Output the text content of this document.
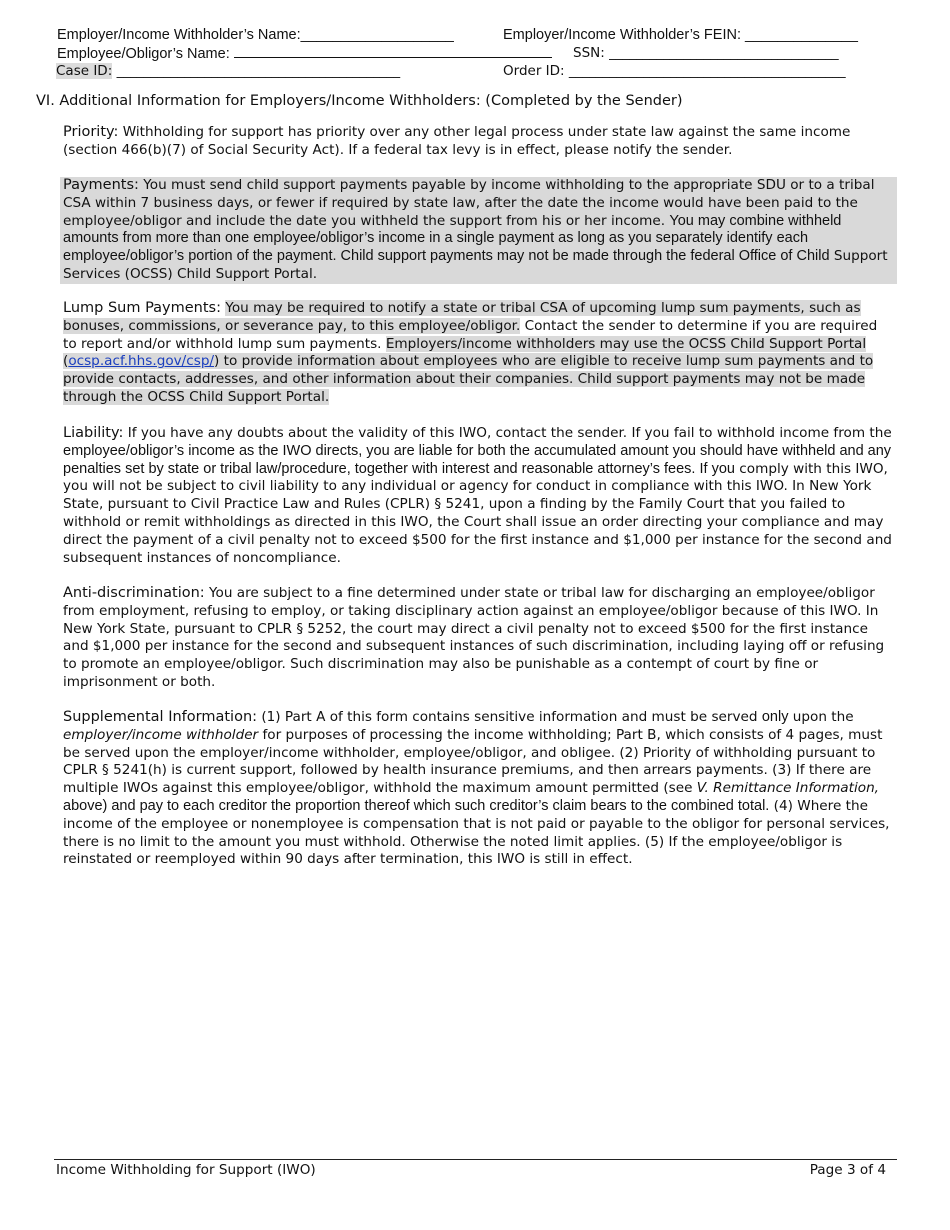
Employer/Income Withholder’s Name:___________________	Employer/Income Withholder’s FEIN: ______________
Employee/Obligor’s Name:	SSN: __________________________________
Case ID: __________________________________________	Order ID: _________________________________________
VI. Additional Information for Employers/Income Withholders: (Completed by the Sender)
Priority: Withholding for support has priority over any other legal process under state law against the same income (section 466(b)(7) of Social Security Act). If a federal tax levy is in effect, please notify the sender.
Payments: You must send child support payments payable by income withholding to the appropriate SDU or to a tribal CSA within 7 business days, or fewer if required by state law, after the date the income would have been paid to the employee/obligor and include the date you withheld the support from his or her income. You may combine withheld amounts from more than one employee/obligor’s income in a single payment as long as you separately identify each employee/obligor’s portion of the payment. Child support payments may not be made through the federal Office of Child Support Services (OCSS) Child Support Portal.
Lump Sum Payments: You may be required to notify a state or tribal CSA of upcoming lump sum payments, such as bonuses, commissions, or severance pay, to this employee/obligor. Contact the sender to determine if you are required to report and/or withhold lump sum payments. Employers/income withholders may use the OCSS Child Support Portal (ocsp.acf.hhs.gov/csp/) to provide information about employees who are eligible to receive lump sum payments and to provide contacts, addresses, and other information about their companies. Child support payments may not be made through the OCSS Child Support Portal.
Liability: If you have any doubts about the validity of this IWO, contact the sender. If you fail to withhold income from the employee/obligor’s income as the IWO directs, you are liable for both the accumulated amount you should have withheld and any penalties set by state or tribal law/procedure, together with interest and reasonable attorney’s fees. If you comply with this IWO, you will not be subject to civil liability to any individual or agency for conduct in compliance with this IWO. In New York State, pursuant to Civil Practice Law and Rules (CPLR) § 5241, upon a finding by the Family Court that you failed to withhold or remit withholdings as directed in this IWO, the Court shall issue an order directing your compliance and may direct the payment of a civil penalty not to exceed $500 for the first instance and $1,000 per instance for the second and subsequent instances of noncompliance.
Anti-discrimination: You are subject to a fine determined under state or tribal law for discharging an employee/obligor from employment, refusing to employ, or taking disciplinary action against an employee/obligor because of this IWO. In New York State, pursuant to CPLR § 5252, the court may direct a civil penalty not to exceed $500 for the first instance and $1,000 per instance for the second and subsequent instances of such discrimination, including laying off or refusing to promote an employee/obligor. Such discrimination may also be punishable as a contempt of court by fine or imprisonment or both.
Supplemental Information: (1) Part A of this form contains sensitive information and must be served only upon the employer/income withholder for purposes of processing the income withholding; Part B, which consists of 4 pages, must be served upon the employer/income withholder, employee/obligor, and obligee. (2) Priority of withholding pursuant to CPLR § 5241(h) is current support, followed by health insurance premiums, and then arrears payments. (3) If there are multiple IWOs against this employee/obligor, withhold the maximum amount permitted (see V. Remittance Information, above) and pay to each creditor the proportion thereof which such creditor’s claim bears to the combined total. (4) Where the income of the employee or nonemployee is compensation that is not paid or payable to the obligor for personal services, there is no limit to the amount you must withhold. Otherwise the noted limit applies. (5) If the employee/obligor is reinstated or reemployed within 90 days after termination, this IWO is still in effect.
Income Withholding for Support (IWO)	Page 3 of 4
